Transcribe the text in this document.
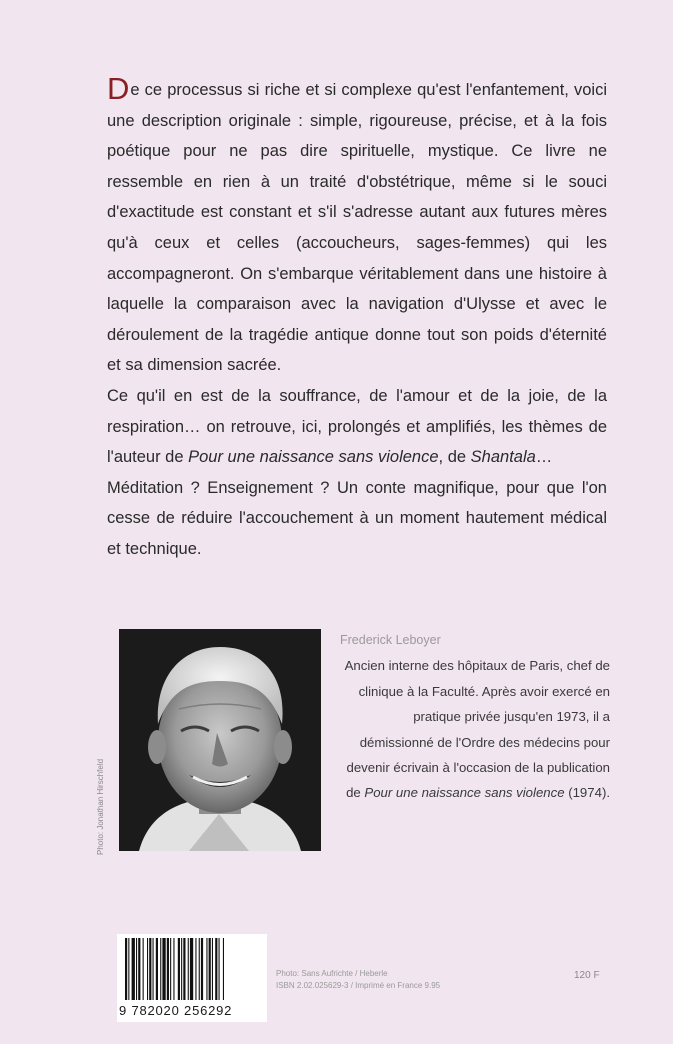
De ce processus si riche et si complexe qu'est l'enfantement, voici une description originale : simple, rigoureuse, précise, et à la fois poétique pour ne pas dire spirituelle, mystique. Ce livre ne ressemble en rien à un traité d'obstétrique, même si le souci d'exactitude est constant et s'il s'adresse autant aux futures mères qu'à ceux et celles (accoucheurs, sages-femmes) qui les accompagneront. On s'embarque véritablement dans une histoire à laquelle la comparaison avec la navigation d'Ulysse et avec le déroulement de la tragédie antique donne tout son poids d'éternité et sa dimension sacrée.

Ce qu'il en est de la souffrance, de l'amour et de la joie, de la respiration… on retrouve, ici, prolongés et amplifiés, les thèmes de l'auteur de Pour une naissance sans violence, de Shantala…

Méditation ? Enseignement ? Un conte magnifique, pour que l'on cesse de réduire l'accouchement à un moment hautement médical et technique.

Photo: Jonathan Hirschfeld
Frederick Leboyer

Ancien interne des hôpitaux de Paris, chef de clinique à la Faculté. Après avoir exercé en pratique privée jusqu'en 1973, il a démissionné de l'Ordre des médecins pour devenir écrivain à l'occasion de la publication de Pour une naissance sans violence (1974).

9 782020 256292
Photo: Sans Aufrichte / Heberle
ISBN 2.02.025629-3 / Imprimé en France 9.95
120 F
